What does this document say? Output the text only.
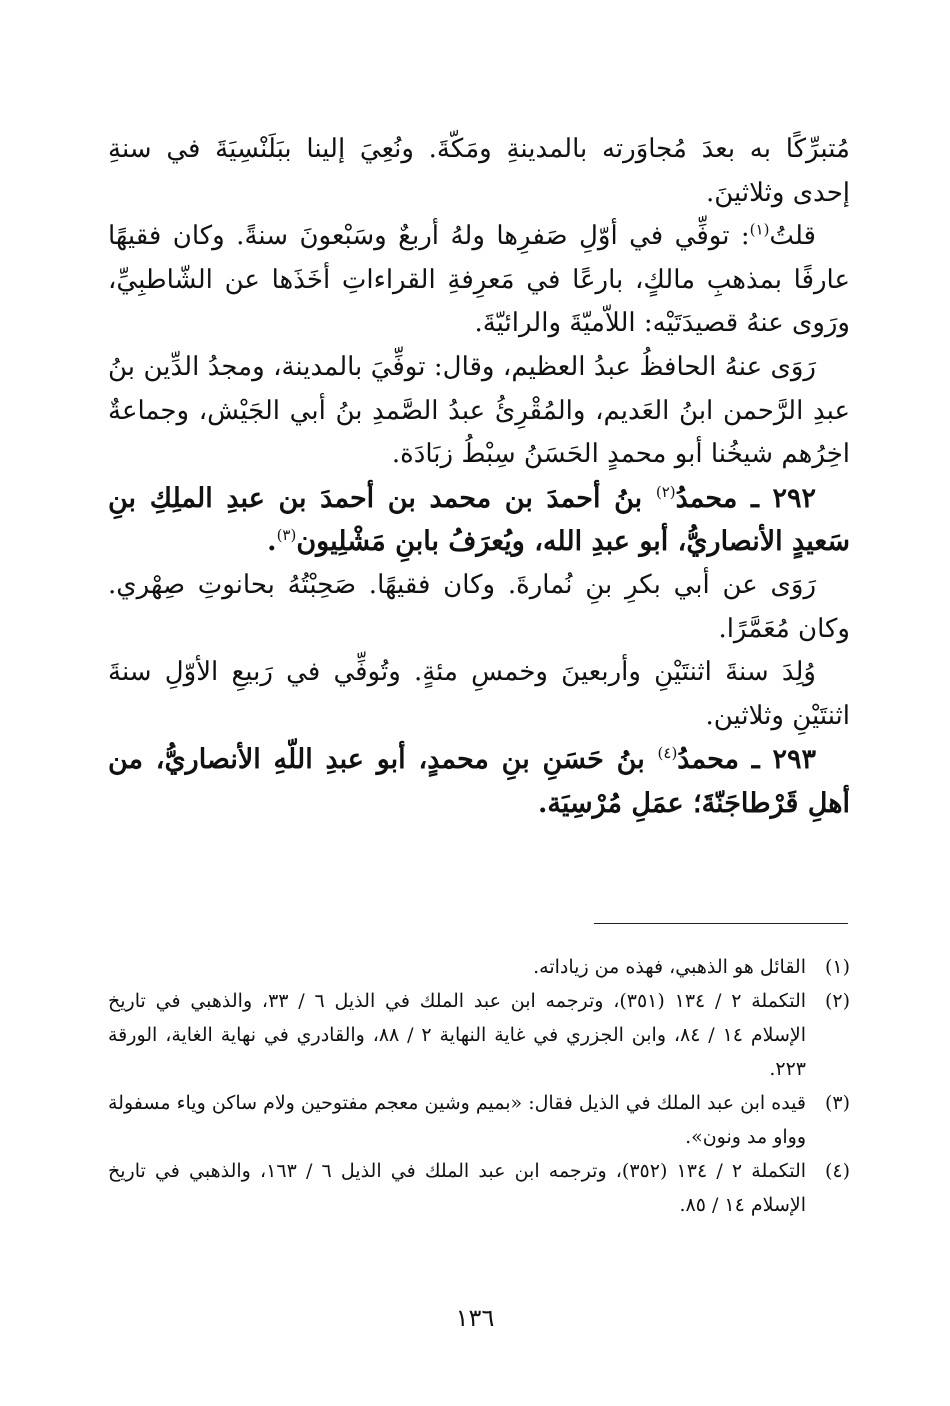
مُتبرِّكًا به بعدَ مُجاوَرته بالمدينةِ ومَكّةَ. ونُعِيَ إلينا ببَلَنْسِيَةَ في سنةِ إحدى وثلاثينَ.

قلتُ$^{(١)}$: توفِّي في أوّلِ صَفرِها ولهُ أربعٌ وسَبْعونَ سنةً. وكان فقيهًا عارفًا بمذهبِ مالكٍ، بارعًا في مَعرِفةِ القراءاتِ أخَذَها عن الشّاطبِيِّ، ورَوى عنهُ قصيدَتَيْه: اللاّميّةَ والرائيّةَ.

رَوَى عنهُ الحافظُ عبدُ العظيم، وقال: توفِّيَ بالمدينة، ومجدُ الدِّين بنُ عبدِ الرَّحمن ابنُ العَديم، والمُقْرِئُ عبدُ الصَّمدِ بنُ أبي الجَيْش، وجماعةٌ اخِرُهم شيخُنا أبو محمدٍ الحَسَنُ سِبْطُ زبَادَة.

٢٩٢ ـ محمدُ$^{(٢)}$ بنُ أحمدَ بن محمد بن أحمدَ بن عبدِ الملِكِ بنِ سَعيدٍ الأنصاريُّ، أبو عبدِ الله، ويُعرَفُ بابنِ مَشْلِيون$^{(٣)}$.

رَوَى عن أبي بكرِ بنِ نُمارةَ. وكان فقيهًا. صَحِبْتُهُ بحانوتِ صِهْري. وكان مُعَمَّرًا.

وُلِدَ سنةَ اثنتَيْنِ وأربعينَ وخمسِ مئةٍ. وتُوفِّي في رَبيعِ الأوّلِ سنةَ اثنتَيْنِ وثلاثين.

٢٩٣ ـ محمدُ$^{(٤)}$ بنُ حَسَنِ بنِ محمدٍ، أبو عبدِ اللّهِ الأنصاريُّ، من أهلِ قَرْطاجَنّةَ؛ عمَلِ مُرْسِيَة.

(١)
القائل هو الذهبي، فهذه من زياداته.
(٢)
التكملة ٢ / ١٣٤ (٣٥١)، وترجمه ابن عبد الملك في الذيل ٦ / ٣٣، والذهبي في تاريخ الإسلام ١٤ / ٨٤، وابن الجزري في غاية النهاية ٢ / ٨٨، والقادري في نهاية الغاية، الورقة ٢٢٣.
(٣)
قيده ابن عبد الملك في الذيل فقال: «بميم وشين معجم مفتوحين ولام ساكن وياء مسفولة وواو مد ونون».
(٤)
التكملة ٢ / ١٣٤ (٣٥٢)، وترجمه ابن عبد الملك في الذيل ٦ / ١٦٣، والذهبي في تاريخ الإسلام ١٤ / ٨٥.
١٣٦
